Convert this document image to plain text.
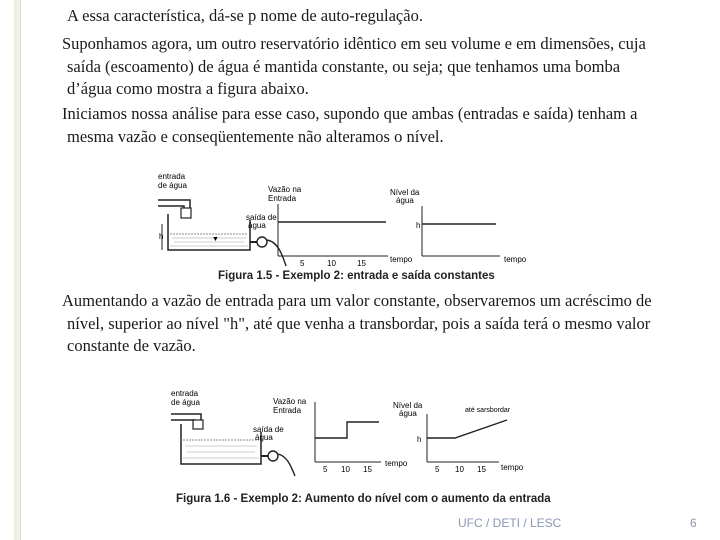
A essa característica, dá-se p nome de auto-regulação.
Suponhamos agora, um outro reservatório idêntico em seu volume e em dimensões, cuja
saída (escoamento) de água é mantida constante, ou seja; que tenhamos uma bomba
d’água como mostra a figura abaixo.
Iniciamos nossa análise para esse caso, supondo que ambas (entradas e saída) tenham a
mesma vazão e conseqüentemente não alteramos o nível.
entrada
de água
▼
h
saída de
água
Vazão na
Entrada
5	10	15	tempo
Nível da
água
h
tempo
Figura 1.5 - Exemplo 2: entrada e saída constantes
Aumentando a vazão de entrada para um valor constante, observaremos um acréscimo de
nível, superior ao nível "h", até que venha a transbordar, pois a saída terá o mesmo valor
constante de vazão.
entrada
de água
saída de
água
Vazão na
Entrada
5 10 15
tempo
Nível da
água	até sarsbordar
h
5 10 15 tempo
Figura 1.6 - Exemplo 2: Aumento do nível com o aumento da entrada
UFC / DETI / LESC	6
